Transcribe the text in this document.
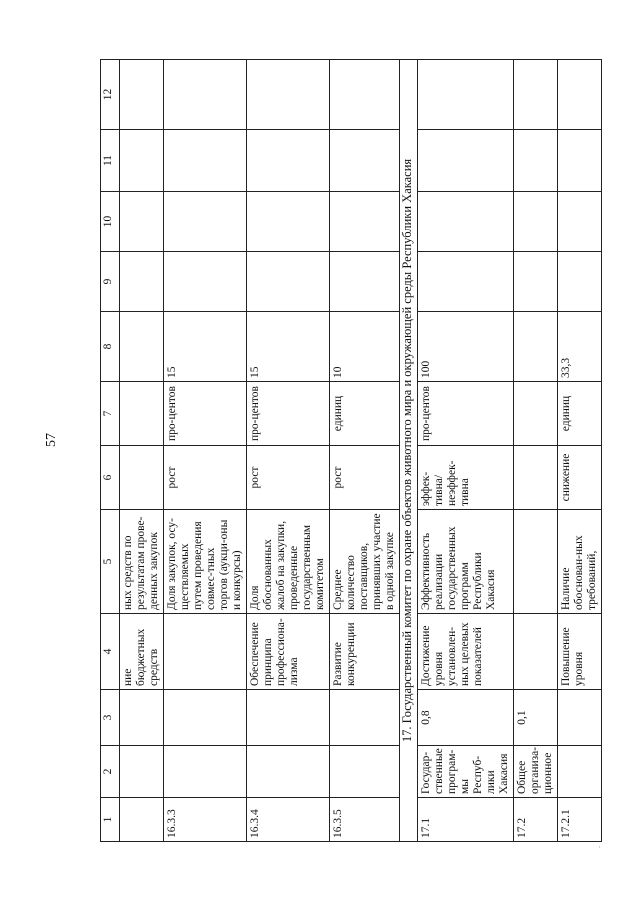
57
1	2	3	4	5	6	7	8	9	10	11	12
			ние бюджетных средств	ных средств по результатам прове-денных закупок							
16.3.3				Доля закупок, осу-ществляемых путем проведения совмес-тных торгов (аукци-оны и конкурсы)	рост	про-центов	15				
16.3.4			Обеспечение принципа профессиона-лизма	Доля обоснованных жалоб на закупки, проведенные государственным комитетом	рост	про-центов	15				
16.3.5			Развитие конкуренции	Среднее количество поставщиков, принявших участие в одной закупке	рост	единиц	10				
17. Государственный комитет по охране объектов животного мира и окружающей среды Республики Хакасия											
17.1	Государ-ственные програм-мы Респуб-лики Хакасия	0,8	Достижение уровня установлен-ных целевых показателей	Эффективность реализации государственных программ Республики Хакасия	эффек-тивна/ неэффек-тивна	про-центов	100				
17.2	Общее организа-ционное	0,1									
17.2.1			Повышение уровня	Наличие обоснован-ных требований,	снижение	единиц	33,3				
·
